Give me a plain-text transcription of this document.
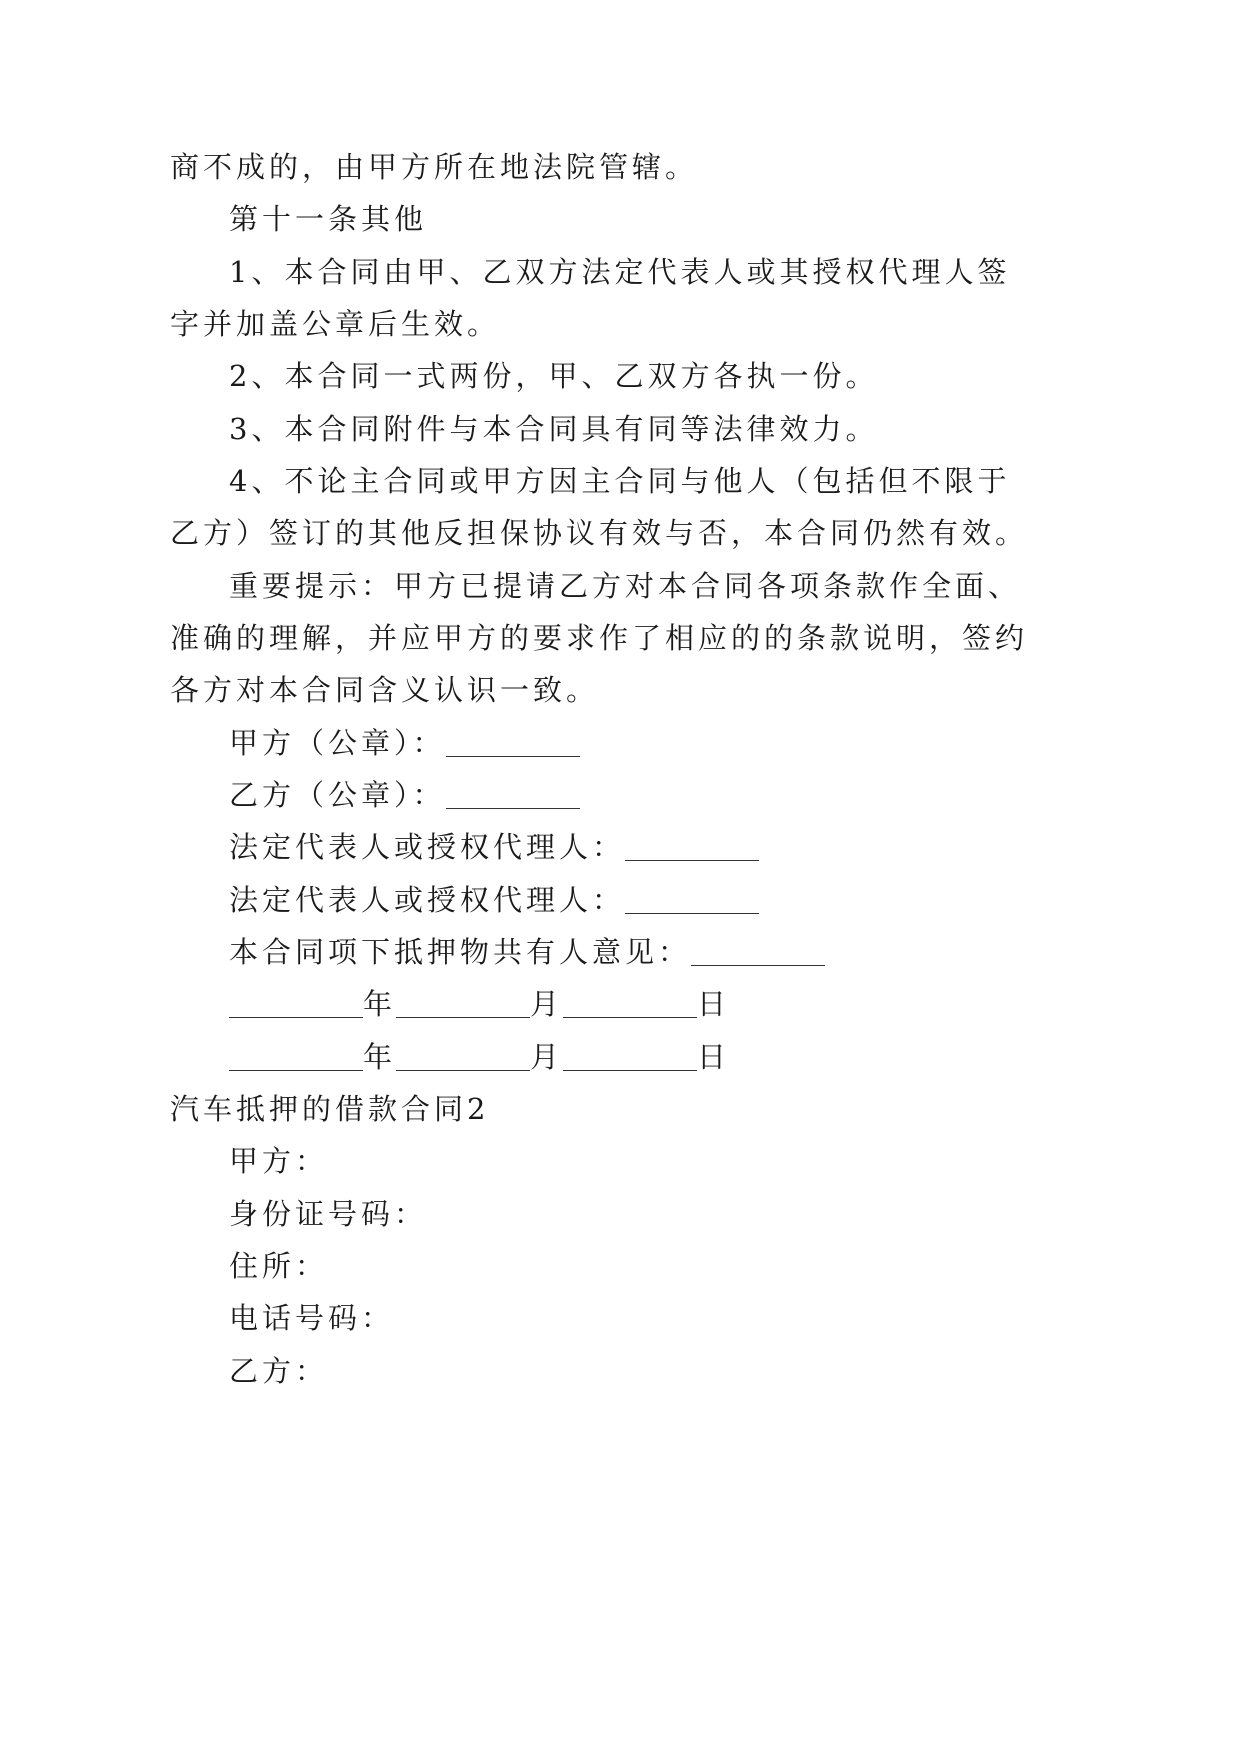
商不成的，由甲方所在地法院管辖。
第十一条其他
1、本合同由甲、乙双方法定代表人或其授权代理人签
字并加盖公章后生效。
2、本合同一式两份，甲、乙双方各执一份。
3、本合同附件与本合同具有同等法律效力。
4、不论主合同或甲方因主合同与他人（包括但不限于
乙方）签订的其他反担保协议有效与否，本合同仍然有效。
重要提示：甲方已提请乙方对本合同各项条款作全面、
准确的理解，并应甲方的要求作了相应的的条款说明，签约
各方对本合同含义认识一致。
甲方（公章）：
乙方（公章）：
法定代表人或授权代理人：
法定代表人或授权代理人：
本合同项下抵押物共有人意见：
年	月	日
年	月	日
汽车抵押的借款合同2
甲方：
身份证号码：
住所：
电话号码：
乙方：
